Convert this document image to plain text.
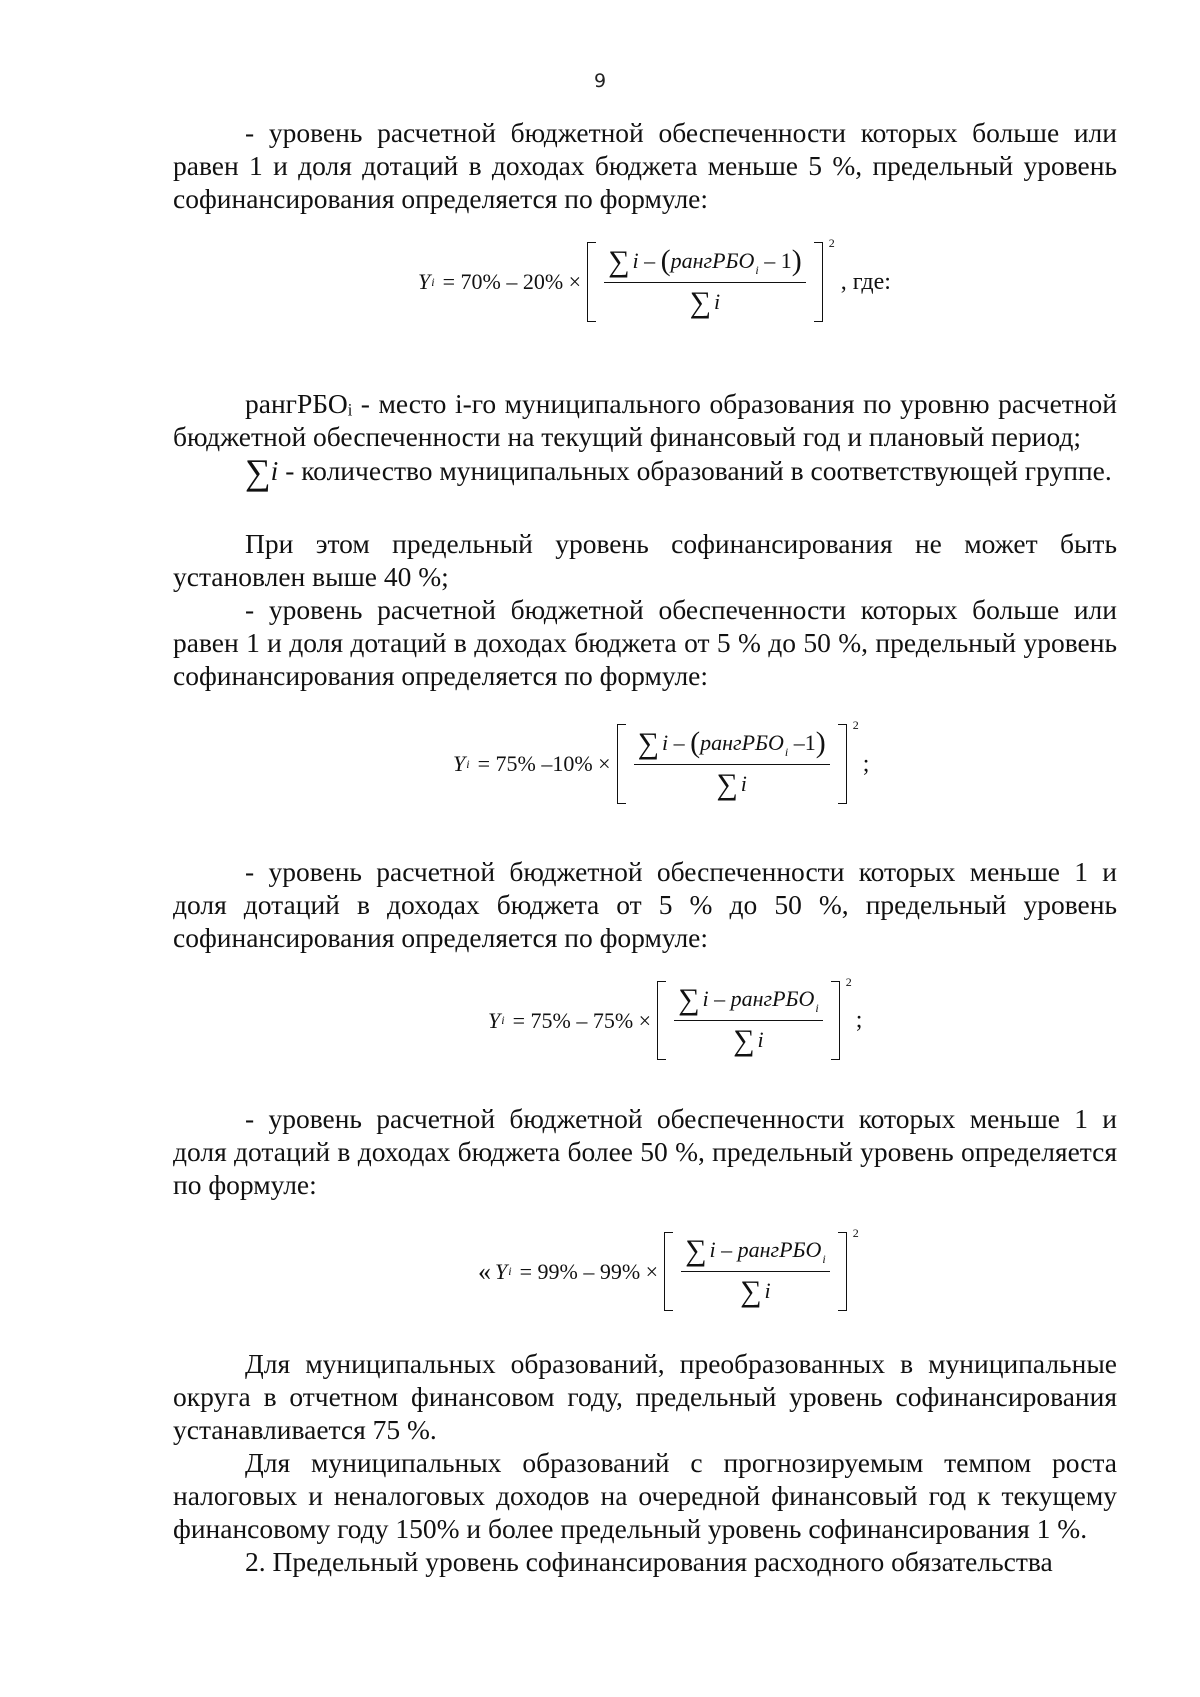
9

- уровень расчетной бюджетной обеспеченности которых больше или равен 1 и доля дотаций в доходах бюджета меньше 5 %, предельный уровень софинансирования определяется по формуле:

Y $i = 70\% - 20\% \times \frac{\sum i - (рангРБО_i - 1)}{\sum i} 2$
, где:

рангРБОᵢ - место i-го муниципального образования по уровню расчетной бюджетной обеспеченности на текущий финансовый год и плановый период;

∑i - количество муниципальных образований в соответствующей группе.

При этом предельный уровень софинансирования не может быть установлен выше 40 %;

- уровень расчетной бюджетной обеспеченности которых больше или равен 1 и доля дотаций в доходах бюджета от 5 % до 50 %, предельный уровень софинансирования определяется по формуле:

Y i = 75% $-10\% \times \frac{\sum i - (рангРБО_i -1)}{\sum i} 2$
;

- уровень расчетной бюджетной обеспеченности которых меньше 1 и доля дотаций в доходах бюджета от 5 % до 50 %, предельный уровень софинансирования определяется по формуле:

Y $i = 75\% - 75\% \times \frac{\sum i - рангРБО_i}{\sum i} 2$
;

- уровень расчетной бюджетной обеспеченности которых меньше 1 и доля дотаций в доходах бюджета более 50 %, предельный уровень определяется по формуле:

« Y $i = 99\% - 99\% \times \frac{\sum i - рангРБО_i}{\sum i} 2$

Для муниципальных образований, преобразованных в муниципальные округа в отчетном финансовом году, предельный уровень софинансирования устанавливается 75 %.

Для муниципальных образований с прогнозируемым темпом роста налоговых и неналоговых доходов на очередной финансовый год к текущему финансовому году 150% и более предельный уровень софинансирования 1 %.

2. Предельный уровень софинансирования расходного обязательства
